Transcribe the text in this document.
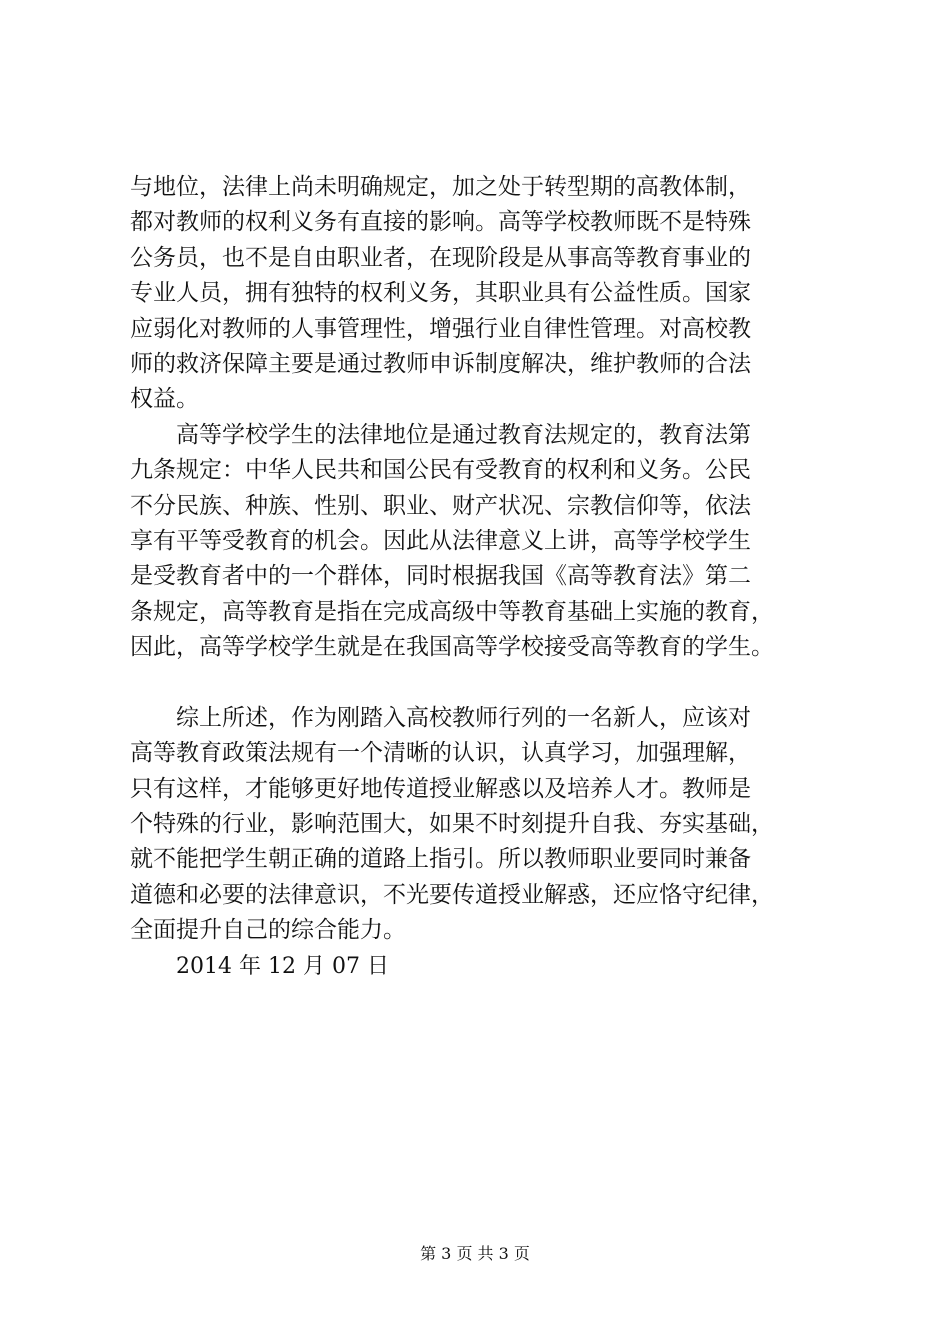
与地位，法律上尚未明确规定，加之处于转型期的高教体制，
都对教师的权利义务有直接的影响。高等学校教师既不是特殊
公务员，也不是自由职业者，在现阶段是从事高等教育事业的
专业人员，拥有独特的权利义务，其职业具有公益性质。国家
应弱化对教师的人事管理性，增强行业自律性管理。对高校教
师的救济保障主要是通过教师申诉制度解决，维护教师的合法
权益。
高等学校学生的法律地位是通过教育法规定的，教育法第
九条规定：中华人民共和国公民有受教育的权利和义务。公民
不分民族、种族、性别、职业、财产状况、宗教信仰等，依法
享有平等受教育的机会。因此从法律意义上讲，高等学校学生
是受教育者中的一个群体，同时根据我国《高等教育法》第二
条规定，高等教育是指在完成高级中等教育基础上实施的教育，
因此，高等学校学生就是在我国高等学校接受高等教育的学生。
综上所述，作为刚踏入高校教师行列的一名新人，应该对
高等教育政策法规有一个清晰的认识，认真学习，加强理解，
只有这样，才能够更好地传道授业解惑以及培养人才。教师是
个特殊的行业，影响范围大，如果不时刻提升自我、夯实基础，
就不能把学生朝正确的道路上指引。所以教师职业要同时兼备
道德和必要的法律意识，不光要传道授业解惑，还应恪守纪律，
全面提升自己的综合能力。
2014 年 12 月 07 日
第 3 页 共 3 页
